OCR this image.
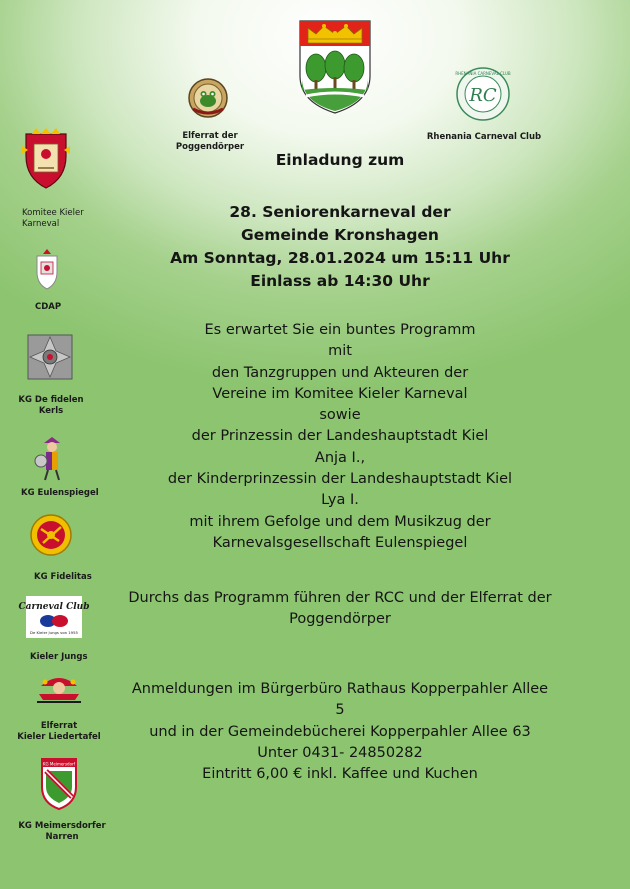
Elferrat der
Poggendörper
RC
RHENANIA CARNEVAL CLUB
Rhenania Carneval Club
Komitee Kieler
Karneval
CDAP
KG De fidelen
Kerls
KG Eulenspiegel
KG Fidelitas
Carneval Club
De Kieler Jungs von 1955
Kieler Jungs
Elferrat
Kieler Liedertafel
KG Meimersdorf
KG Meimersdorfer
Narren
Einladung zum
28. Seniorenkarneval der
Gemeinde Kronshagen
Am Sonntag, 28.01.2024 um 15:11 Uhr
Einlass ab 14:30 Uhr
Es erwartet Sie ein buntes Programm
mit
den Tanzgruppen und Akteuren der
Vereine im Komitee Kieler Karneval
sowie
der Prinzessin der Landeshauptstadt Kiel
Anja I.,
der Kinderprinzessin der Landeshauptstadt Kiel
Lya I.
mit ihrem Gefolge und dem Musikzug der
Karnevalsgesellschaft Eulenspiegel
Durchs das Programm führen der RCC und der Elferrat der
Poggendörper
Anmeldungen im Bürgerbüro Rathaus Kopperpahler Allee
5
und in der Gemeindebücherei Kopperpahler Allee 63
Unter 0431- 24850282
Eintritt 6,00 € inkl. Kaffee und Kuchen
